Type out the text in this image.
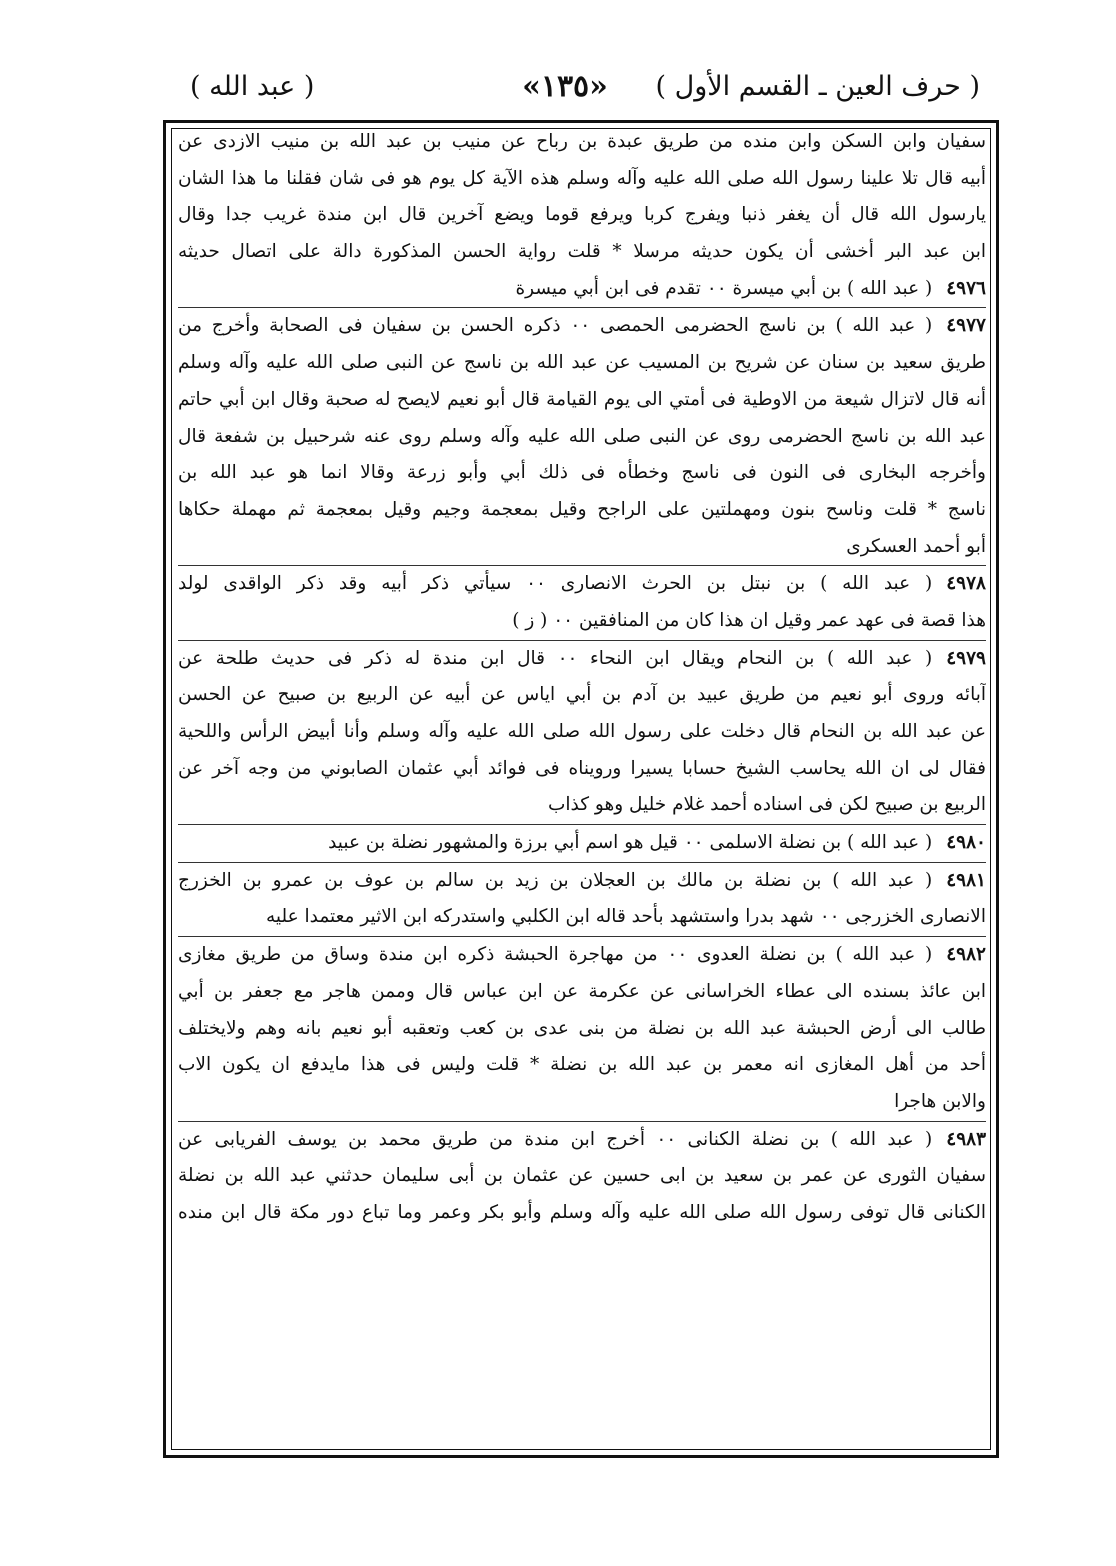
( حرف العين ـ القسم الأول )
«١٣٥»
( عبد الله )
سفيان وابن السكن وابن منده من طريق عبدة بن رباح عن منيب بن عبد الله بن منيب الازدى عن
أبيه قال تلا علينا رسول الله صلى الله عليه وآله وسلم هذه الآية كل يوم هو فى شان فقلنا ما هذا الشان
يارسول الله قال أن يغفر ذنبا ويفرج كربا ويرفع قوما ويضع آخرين قال ابن مندة غريب جدا وقال
ابن عبد البر أخشى أن يكون حديثه مرسلا * قلت رواية الحسن المذكورة دالة على اتصال حديثه
٤٩٧٦( عبد الله ) بن أبي ميسرة ٠٠ تقدم فى ابن أبي ميسرة
٤٩٧٧( عبد الله ) بن ناسج الحضرمى الحمصى ٠٠ ذكره الحسن بن سفيان فى الصحابة وأخرج من
طريق سعيد بن سنان عن شريح بن المسيب عن عبد الله بن ناسج عن النبى صلى الله عليه وآله وسلم
أنه قال لاتزال شيعة من الاوطية فى أمتي الى يوم القيامة قال أبو نعيم لايصح له صحبة وقال ابن أبي حاتم
عبد الله بن ناسج الحضرمى روى عن النبى صلى الله عليه وآله وسلم روى عنه شرحبيل بن شفعة قال
وأخرجه البخارى فى النون فى ناسج وخطأه فى ذلك أبي وأبو زرعة وقالا انما هو عبد الله بن
ناسج * قلت وناسح بنون ومهملتين على الراجح وقيل بمعجمة وجيم وقيل بمعجمة ثم مهملة حكاها
أبو أحمد العسكرى
٤٩٧٨( عبد الله ) بن نبتل بن الحرث الانصارى ٠٠ سيأتي ذكر أبيه وقد ذكر الواقدى لولد
هذا قصة فى عهد عمر وقيل ان هذا كان من المنافقين ٠٠ ( ز )
٤٩٧٩( عبد الله ) بن النحام ويقال ابن النحاء ٠٠ قال ابن مندة له ذكر فى حديث طلحة عن
آبائه وروى أبو نعيم من طريق عبيد بن آدم بن أبي اياس عن أبيه عن الربيع بن صبيح عن الحسن
عن عبد الله بن النحام قال دخلت على رسول الله صلى الله عليه وآله وسلم وأنا أبيض الرأس واللحية
فقال لى ان الله يحاسب الشيخ حسابا يسيرا ورويناه فى فوائد أبي عثمان الصابوني من وجه آخر عن
الربيع بن صبيح لكن فى اسناده أحمد غلام خليل وهو كذاب
٤٩٨٠( عبد الله ) بن نضلة الاسلمى ٠٠ قيل هو اسم أبي برزة والمشهور نضلة بن عبيد
٤٩٨١( عبد الله ) بن نضلة بن مالك بن العجلان بن زيد بن سالم بن عوف بن عمرو بن الخزرج
الانصارى الخزرجى ٠٠ شهد بدرا واستشهد بأحد قاله ابن الكلبي واستدركه ابن الاثير معتمدا عليه
٤٩٨٢( عبد الله ) بن نضلة العدوى ٠٠ من مهاجرة الحبشة ذكره ابن مندة وساق من طريق مغازى
ابن عائذ بسنده الى عطاء الخراسانى عن عكرمة عن ابن عباس قال وممن هاجر مع جعفر بن أبي
طالب الى أرض الحبشة عبد الله بن نضلة من بنى عدى بن كعب وتعقبه أبو نعيم بانه وهم ولايختلف
أحد من أهل المغازى انه معمر بن عبد الله بن نضلة * قلت وليس فى هذا مايدفع ان يكون الاب
والابن هاجرا
٤٩٨٣( عبد الله ) بن نضلة الكنانى ٠٠ أخرج ابن مندة من طريق محمد بن يوسف الفريابى عن
سفيان الثورى عن عمر بن سعيد بن ابى حسين عن عثمان بن أبى سليمان حدثني عبد الله بن نضلة
الكنانى قال توفى رسول الله صلى الله عليه وآله وسلم وأبو بكر وعمر وما تباع دور مكة قال ابن منده
